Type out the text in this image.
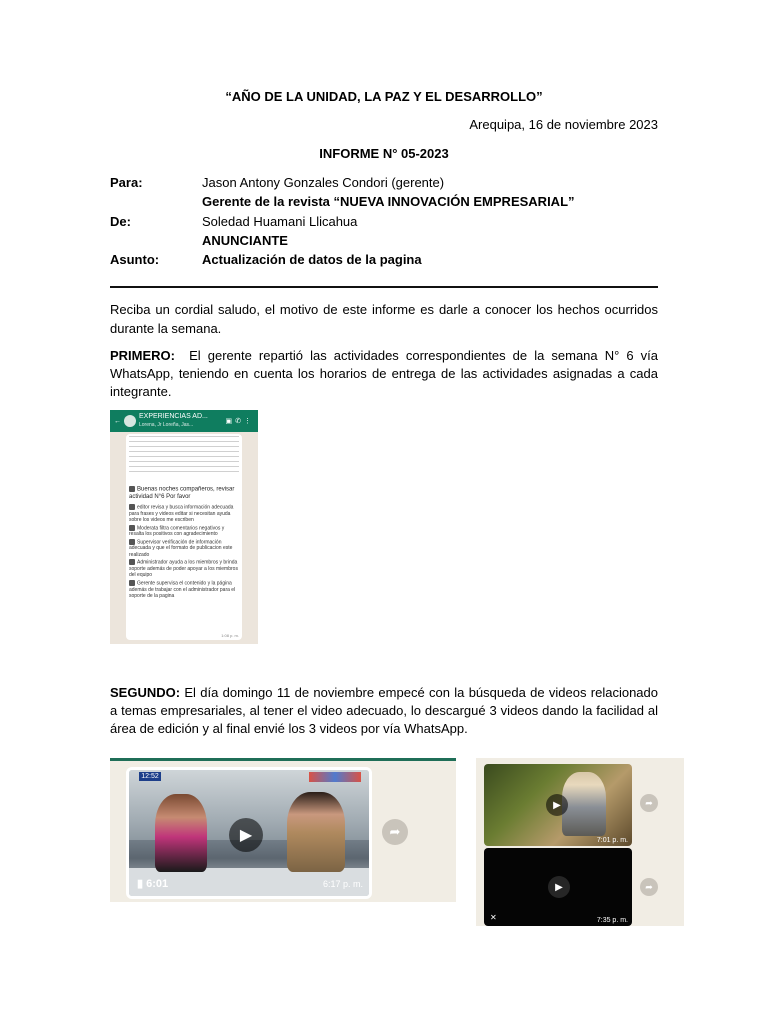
“AÑO DE LA UNIDAD, LA PAZ Y EL DESARROLLO”
Arequipa, 16 de noviembre 2023
INFORME N° 05-2023
Para:	Jason Antony Gonzales Condori (gerente)
Gerente de la revista “NUEVA INNOVACIÓN EMPRESARIAL”
De:	Soledad Huamani Llicahua
ANUNCIANTE
Asunto:	Actualización de datos de la pagina
Reciba un cordial saludo, el motivo de este informe es darle a conocer los hechos ocurridos durante la semana.
PRIMERO: El gerente repartió las actividades correspondientes de la semana N° 6 vía WhatsApp, teniendo en cuenta los horarios de entrega de las actividades asignadas a cada integrante.
←
EXPERIENCIAS AD...
Lorena, Jr Loreña, Jas...	▣✆⋮
Buenas noches compañeros, revisar actividad N°6 Por favor
editor revisa y busca información adecuada para frases y videos editar si necesitan ayuda sobre los videos me escriben
Moderata filtra comentarios negativos y resalta los positivos con agradecimiento
Supervisor verificación de información adecuada y que el formato de publicacion este realizado
Administrador ayuda a los miembros y brinda soporte además de poder apoyar a los miembros del equipo
Gerente supervisa el contenido y la página además de trabajar con el administrador para el soporte de la pagina
1:08 p. m.
SEGUNDO: El día domingo 11 de noviembre empecé con la búsqueda de videos relacionado a temas empresariales, al tener el video adecuado, lo descargué 3 videos dando la facilidad al área de edición y al final envié los 3 videos por vía WhatsApp.
12:52
▶
▮ 6:01	6:17 p. m.
➦
▶
7:01 p. m.
➦
▶
✕	7:35 p. m.
➦
